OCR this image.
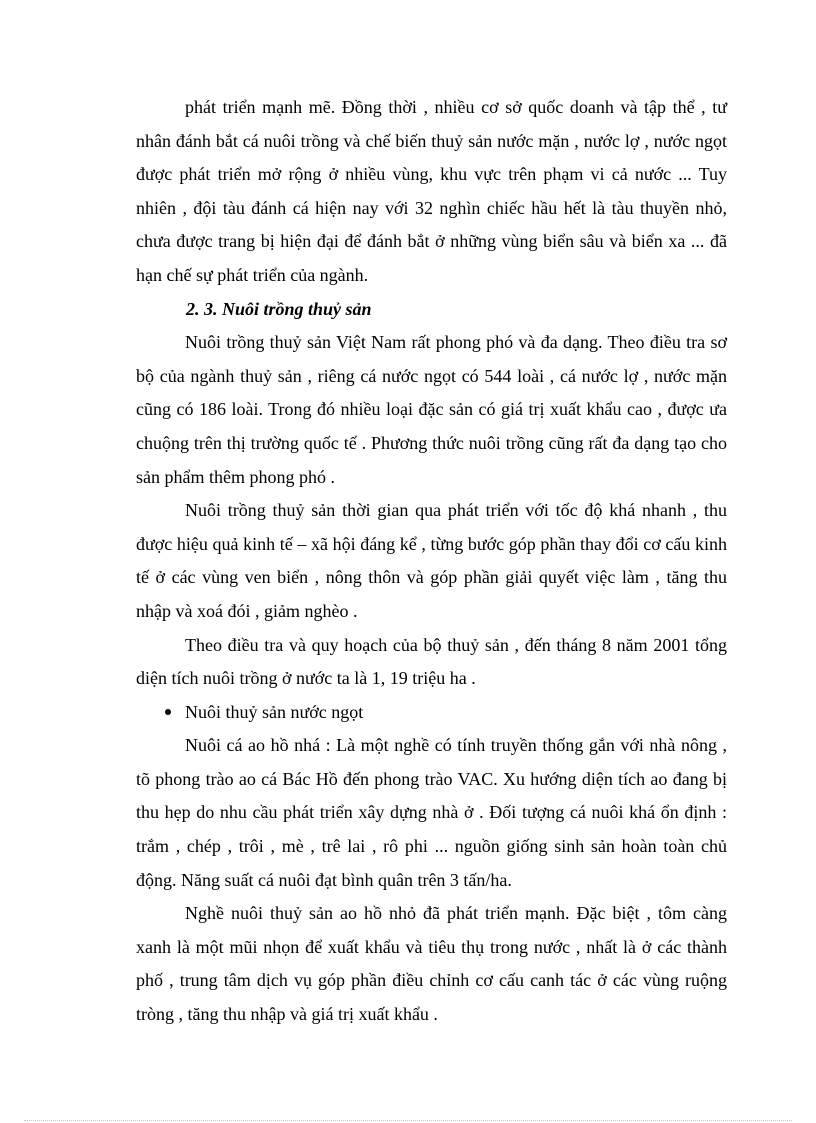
phát triển mạnh mẽ. Đồng thời , nhiều cơ sở quốc doanh và tập thể , tư nhân đánh bắt cá nuôi trồng và chế biến thuỷ sản nước mặn , nước lợ , nước ngọt được phát triển mở rộng ở nhiều vùng, khu vực trên phạm vi cả nước ... Tuy nhiên , đội tàu đánh cá hiện nay với 32 nghìn chiếc hầu hết là tàu thuyền nhỏ, chưa được trang bị hiện đại để đánh bắt ở những vùng biển sâu và biển xa ... đã hạn chế sự phát triển của ngành.

2. 3. Nuôi trồng thuỷ sản

Nuôi trồng thuỷ sản Việt Nam rất phong phó và đa dạng. Theo điều tra sơ bộ của ngành thuỷ sản , riêng cá nước ngọt có 544 loài , cá nước lợ , nước mặn cũng có 186 loài. Trong đó nhiều loại đặc sản có giá trị xuất khẩu cao , được ưa chuộng trên thị trường quốc tế . Phương thức nuôi trồng cũng rất đa dạng tạo cho sản phẩm thêm phong phó .

Nuôi trồng thuỷ sản thời gian qua phát triển với tốc độ khá nhanh , thu được hiệu quả kinh tế – xã hội đáng kể , từng bước góp phần thay đổi cơ cấu kinh tế ở các vùng ven biển , nông thôn và góp phần giải quyết việc làm , tăng thu nhập và xoá đói , giảm nghèo .

Theo điều tra và quy hoạch của bộ thuỷ sản , đến tháng 8 năm 2001 tổng diện tích nuôi trồng ở nước ta là 1, 19 triệu ha .

Nuôi thuỷ sản nước ngọt

Nuôi cá ao hồ nhá : Là một nghề có tính truyền thống gắn với nhà nông , tõ phong trào ao cá Bác Hồ đến phong trào VAC. Xu hướng diện tích ao đang bị thu hẹp do nhu cầu phát triển xây dựng nhà ở . Đối tượng cá nuôi khá ổn định : trắm , chép , trôi , mè , trê lai , rô phi ... nguồn giống sinh sản hoàn toàn chủ động. Năng suất cá nuôi đạt bình quân trên 3 tấn/ha.

Nghề nuôi thuỷ sản ao hồ nhỏ đã phát triển mạnh. Đặc biệt , tôm càng xanh là một mũi nhọn để xuất khẩu và tiêu thụ trong nước , nhất là ở các thành phố , trung tâm dịch vụ góp phần điều chỉnh cơ cấu canh tác ở các vùng ruộng tròng , tăng thu nhập và giá trị xuất khẩu .
